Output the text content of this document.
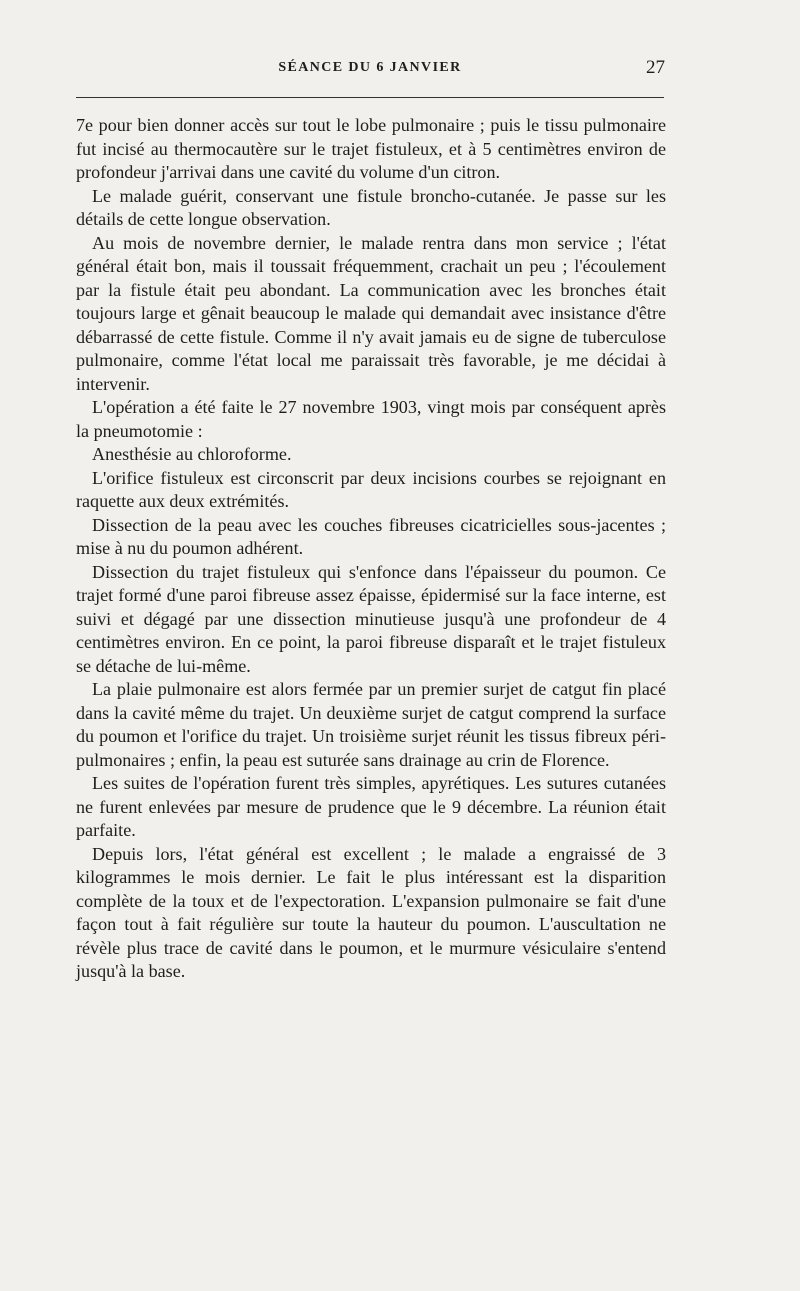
SÉANCE DU 6 JANVIER	27

7e pour bien donner accès sur tout le lobe pulmonaire ; puis le tissu pulmonaire fut incisé au thermocautère sur le trajet fistuleux, et à 5 centimètres environ de profondeur j'arrivai dans une cavité du volume d'un citron.

Le malade guérit, conservant une fistule broncho-cutanée. Je passe sur les détails de cette longue observation.

Au mois de novembre dernier, le malade rentra dans mon service ; l'état général était bon, mais il toussait fréquemment, crachait un peu ; l'écoulement par la fistule était peu abondant. La communication avec les bronches était toujours large et gênait beaucoup le malade qui demandait avec insistance d'être débarrassé de cette fistule. Comme il n'y avait jamais eu de signe de tuberculose pulmonaire, comme l'état local me paraissait très favorable, je me décidai à intervenir.

L'opération a été faite le 27 novembre 1903, vingt mois par conséquent après la pneumotomie :

Anesthésie au chloroforme.

L'orifice fistuleux est circonscrit par deux incisions courbes se rejoignant en raquette aux deux extrémités.

Dissection de la peau avec les couches fibreuses cicatricielles sous-jacentes ; mise à nu du poumon adhérent.

Dissection du trajet fistuleux qui s'enfonce dans l'épaisseur du poumon. Ce trajet formé d'une paroi fibreuse assez épaisse, épidermisé sur la face interne, est suivi et dégagé par une dissection minutieuse jusqu'à une profondeur de 4 centimètres environ. En ce point, la paroi fibreuse disparaît et le trajet fistuleux se détache de lui-même.

La plaie pulmonaire est alors fermée par un premier surjet de catgut fin placé dans la cavité même du trajet. Un deuxième surjet de catgut comprend la surface du poumon et l'orifice du trajet. Un troisième surjet réunit les tissus fibreux péri-pulmonaires ; enfin, la peau est suturée sans drainage au crin de Florence.

Les suites de l'opération furent très simples, apyrétiques. Les sutures cutanées ne furent enlevées par mesure de prudence que le 9 décembre. La réunion était parfaite.

Depuis lors, l'état général est excellent ; le malade a engraissé de 3 kilogrammes le mois dernier. Le fait le plus intéressant est la disparition complète de la toux et de l'expectoration. L'expansion pulmonaire se fait d'une façon tout à fait régulière sur toute la hauteur du poumon. L'auscultation ne révèle plus trace de cavité dans le poumon, et le murmure vésiculaire s'entend jusqu'à la base.
